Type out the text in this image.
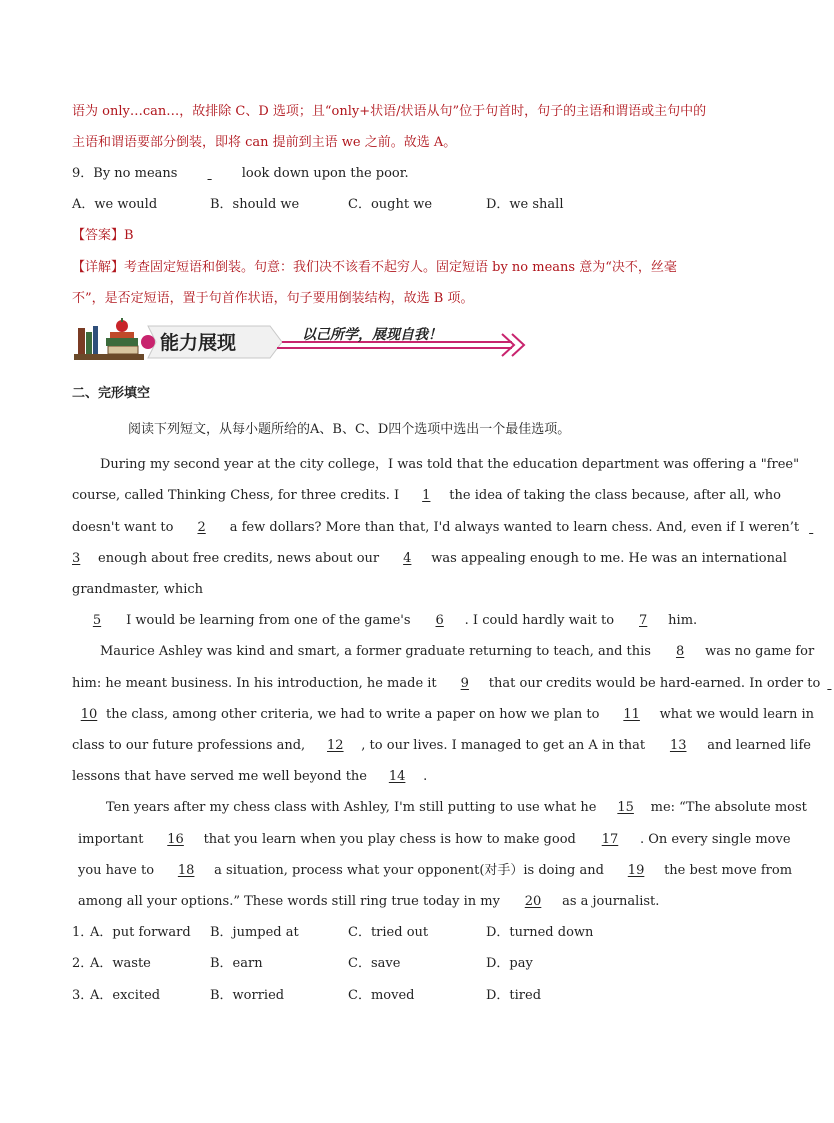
语为 only…can…，故排除 C、D 选项；且“only+状语/状语从句”位于句首时，句子的主语和谓语或主句中的
主语和谓语要部分倒装，即将 can 提前到主语 we 之前。故选 A。
9．By no means	look down upon the poor.
A．we would	B．should we	C．ought we	D．we shall
【答案】B
【详解】考查固定短语和倒装。句意：我们决不该看不起穷人。固定短语 by no means 意为“决不，丝毫
不”，是否定短语，置于句首作状语，句子要用倒装结构，故选 B 项。
能力展现	以己所学，展现自我！
二、完形填空
阅读下列短文，从每小题所给的A、B、C、D四个选项中选出一个最佳选项。
During my second year at the city college，I was told that the education department was offering a "free"
course, called Thinking Chess, for three credits. I 1 the idea of taking the class because, after all, who
doesn't want to 2 a few dollars? More than that, I'd always wanted to learn chess. And, even if I weren’t
3 enough about free credits, news about our 4 was appealing enough to me. He was an international
grandmaster, which
5 I would be learning from one of the game's 6 . I could hardly wait to 7 him.
Maurice Ashley was kind and smart, a former graduate returning to teach, and this 8 was no game for
him: he meant business. In his introduction, he made it 9 that our credits would be hard-earned. In order to
10 the class, among other criteria, we had to write a paper on how we plan to 11 what we would learn in
class to our future professions and, 12 , to our lives. I managed to get an A in that 13 and learned life
lessons that have served me well beyond the 14 .
Ten years after my chess class with Ashley, I'm still putting to use what he 15 me: “The absolute most
important 16 that you learn when you play chess is how to make good 17 . On every single move
you have to 18 a situation, process what your opponent(对手）is doing and 19 the best move from
among all your options.” These words still ring true today in my 20 as a journalist.
1．
A．put forward B．jumped at	C．tried out	D．turned down
2．
A．waste	B．earn	C．save	D．pay
3．
A．excited	B．worried	C．moved	D．tired
